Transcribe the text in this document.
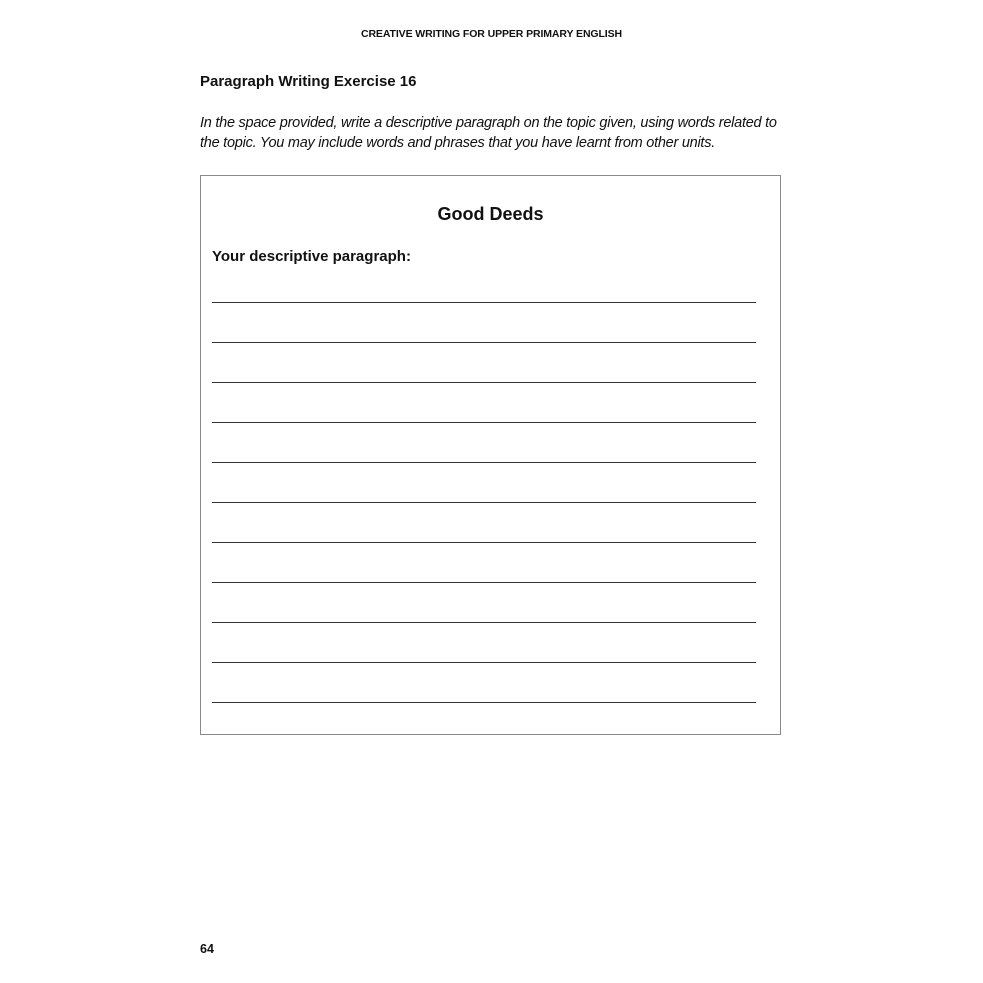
CREATIVE WRITING FOR UPPER PRIMARY ENGLISH
Paragraph Writing Exercise 16
In the space provided, write a descriptive paragraph on the topic given, using words related to the topic. You may include words and phrases that you have learnt from other units.
Good Deeds
Your descriptive paragraph:
64
